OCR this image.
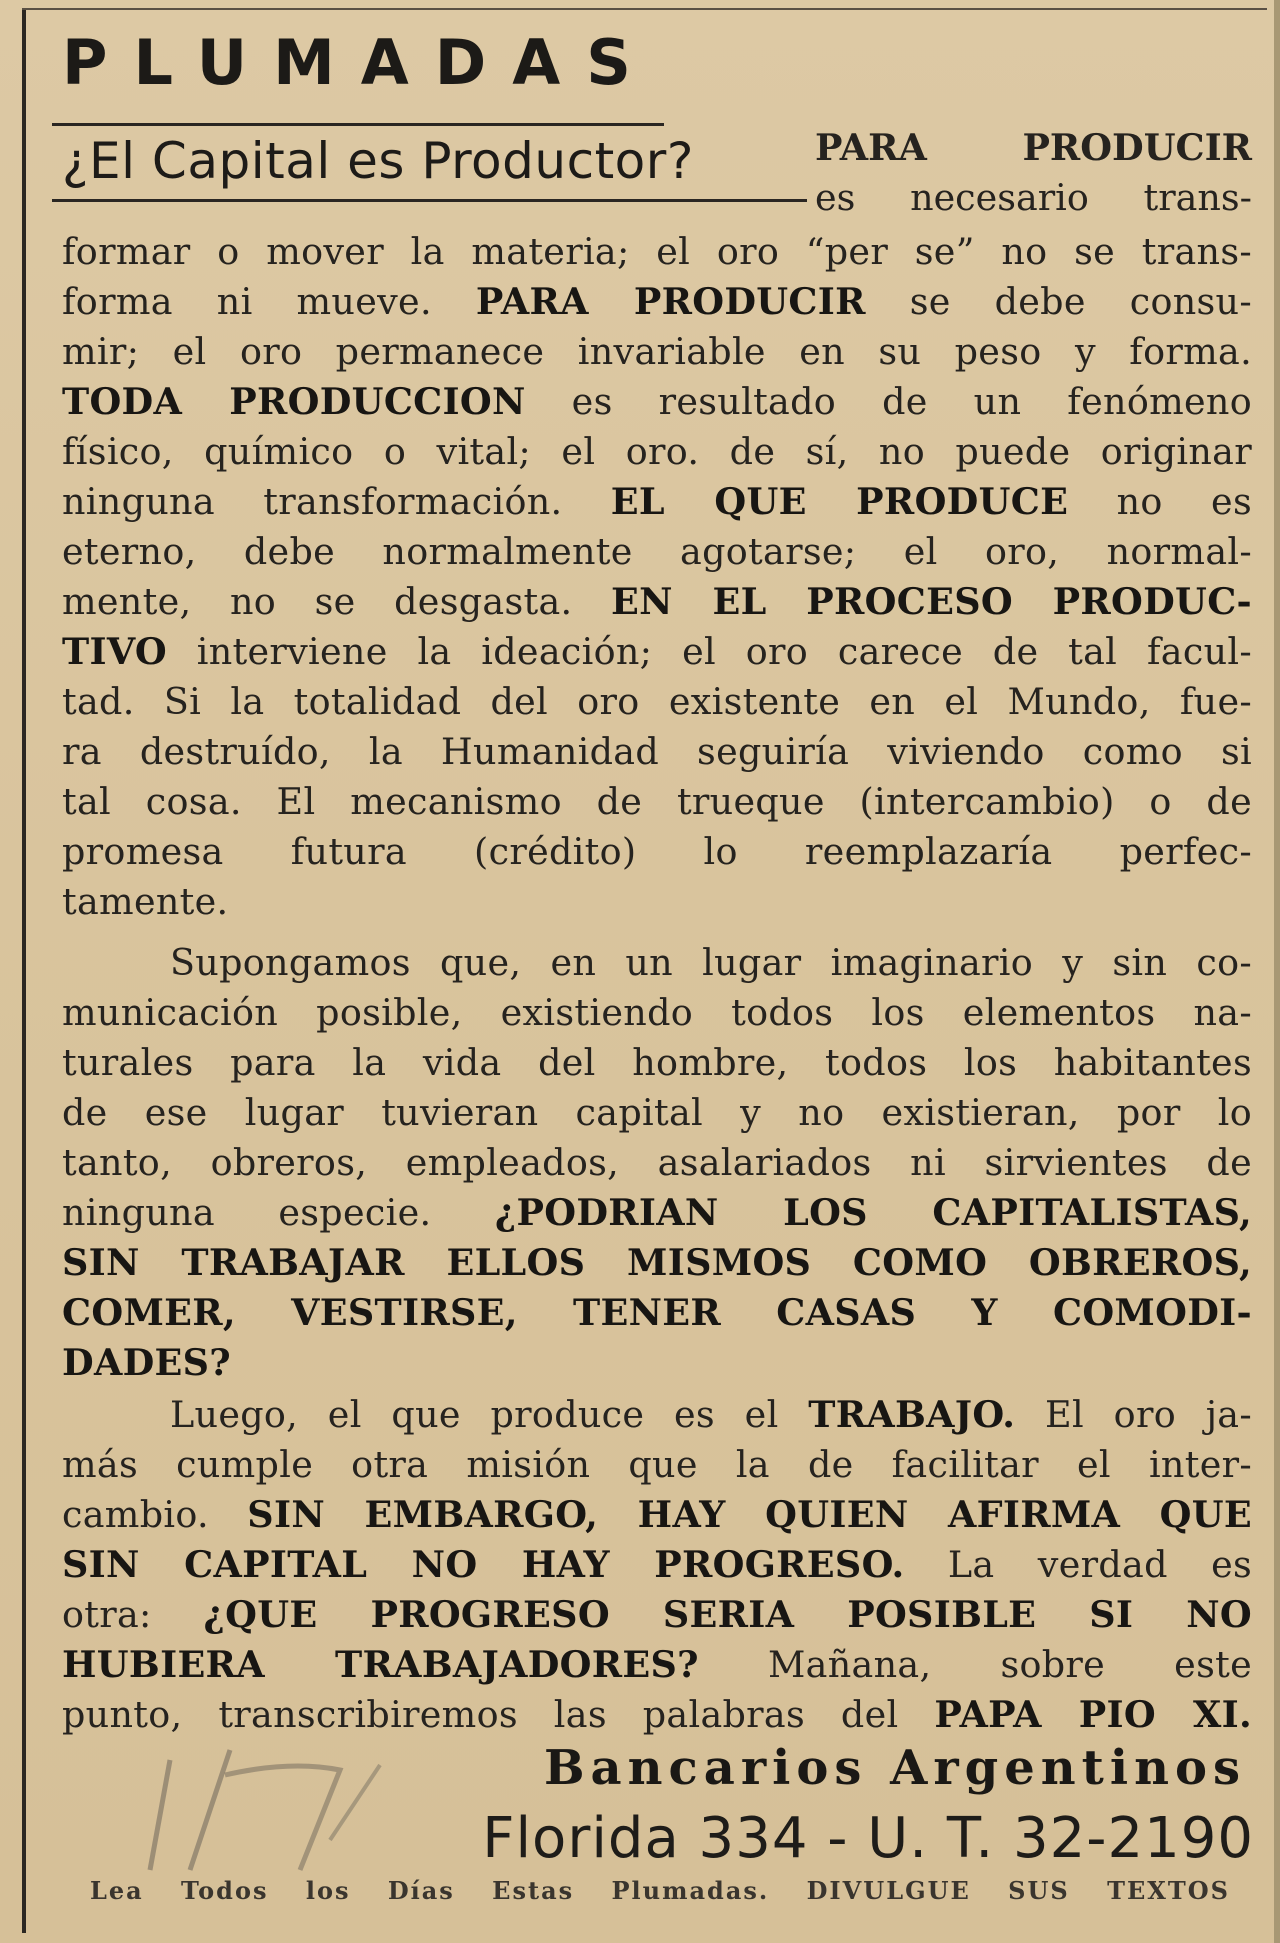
PLUMADAS
¿El Capital es Productor?	PARA PRODUCIR
es necesario trans-
formar o mover la materia; el oro “per se” no se trans-
forma ni mueve. PARA PRODUCIR se debe consu-
mir; el oro permanece invariable en su peso y forma.
TODA PRODUCCION es resultado de un fenómeno
físico, químico o vital; el oro. de sí, no puede originar
ninguna transformación. EL QUE PRODUCE no es
eterno, debe normalmente agotarse; el oro, normal-
mente, no se desgasta. EN EL PROCESO PRODUC-
TIVO interviene la ideación; el oro carece de tal facul-
tad. Si la totalidad del oro existente en el Mundo, fue-
ra destruído, la Humanidad seguiría viviendo como si
tal cosa. El mecanismo de trueque (intercambio) o de
promesa futura (crédito) lo reemplazaría perfec-
tamente.
Supongamos que, en un lugar imaginario y sin co-
municación posible, existiendo todos los elementos na-
turales para la vida del hombre, todos los habitantes
de ese lugar tuvieran capital y no existieran, por lo
tanto, obreros, empleados, asalariados ni sirvientes de
ninguna especie. ¿PODRIAN LOS CAPITALISTAS,
SIN TRABAJAR ELLOS MISMOS COMO OBREROS,
COMER, VESTIRSE, TENER CASAS Y COMODI-
DADES?
Luego, el que produce es el TRABAJO. El oro ja-
más cumple otra misión que la de facilitar el inter-
cambio. SIN EMBARGO, HAY QUIEN AFIRMA QUE
SIN CAPITAL NO HAY PROGRESO. La verdad es
otra: ¿QUE PROGRESO SERIA POSIBLE SI NO
HUBIERA TRABAJADORES? Mañana, sobre este
punto, transcribiremos las palabras del PAPA PIO XI.
Bancarios Argentinos
Florida 334 - U. T. 32-2190
Lea Todos los Días Estas Plumadas. DIVULGUE SUS TEXTOS
